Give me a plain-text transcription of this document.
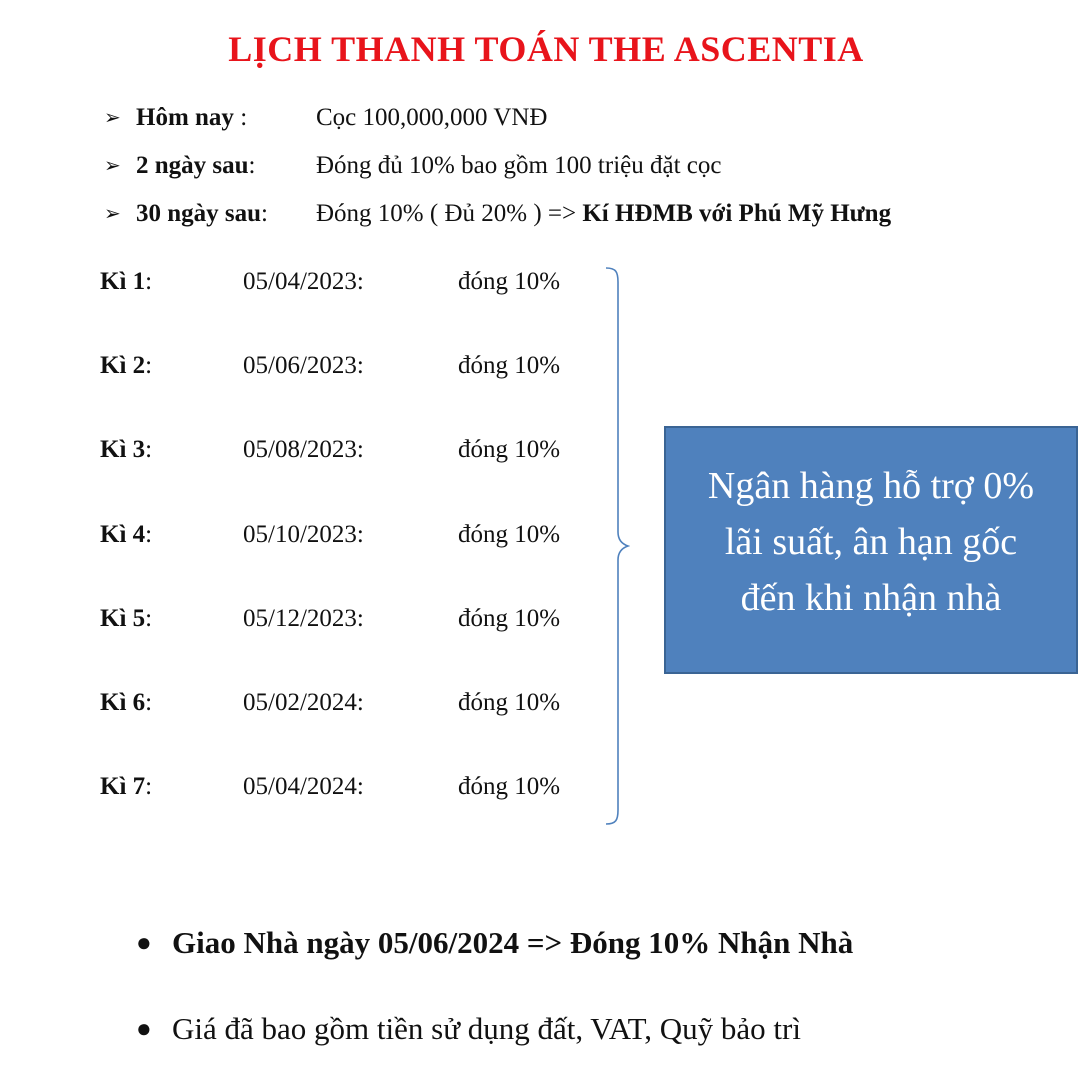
LỊCH THANH TOÁN THE ASCENTIA
➢ Hôm nay :	Cọc 100,000,000 VNĐ
➢ 2 ngày sau: Đóng đủ 10% bao gồm 100 triệu đặt cọc
➢ 30 ngày sau: Đóng 10% ( Đủ 20% ) => Kí HĐMB với Phú Mỹ Hưng
Kì 1:	05/04/2023:	đóng 10%
Kì 2:	05/06/2023:	đóng 10%
Kì 3:	05/08/2023:	đóng 10%
Kì 4:	05/10/2023:	đóng 10%
Kì 5:	05/12/2023:	đóng 10%
Kì 6:	05/02/2024:	đóng 10%
Kì 7:	05/04/2024:	đóng 10%
Ngân hàng hỗ trợ 0%
lãi suất, ân hạn gốc
đến khi nhận nhà
● Giao Nhà ngày 05/06/2024 => Đóng 10% Nhận Nhà
● Giá đã bao gồm tiền sử dụng đất, VAT, Quỹ bảo trì
